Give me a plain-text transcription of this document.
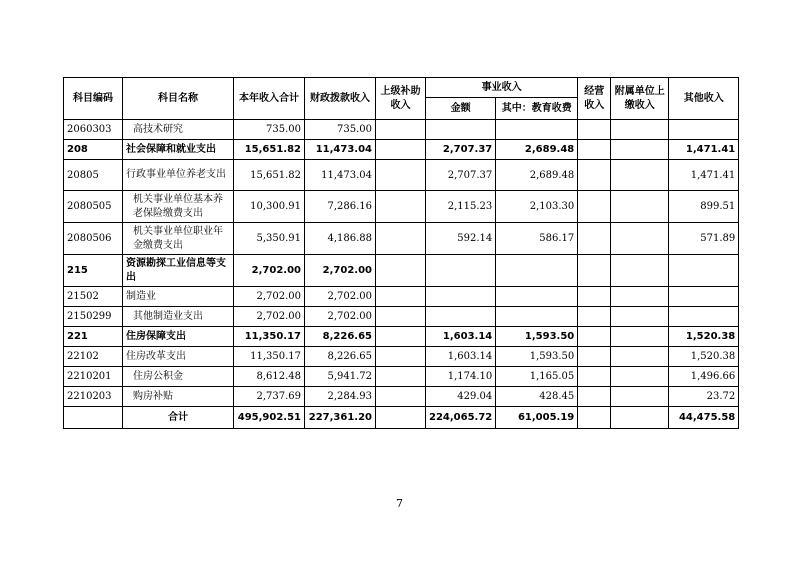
科目编码	科目名称	本年收入合计	财政拨款收入	上级补助收入	事业收入		经营收入	附属单位上缴收入	其他收入
					金额	其中：教育收费			
2060303	高技术研究	735.00	735.00						
208	社会保障和就业支出	15,651.82	11,473.04		2,707.37	2,689.48			1,471.41
20805	行政事业单位养老支出	15,651.82	11,473.04		2,707.37	2,689.48			1,471.41
2080505	机关事业单位基本养老保险缴费支出	10,300.91	7,286.16		2,115.23	2,103.30			899.51
2080506	机关事业单位职业年金缴费支出	5,350.91	4,186.88		592.14	586.17			571.89
215	资源勘探工业信息等支出	2,702.00	2,702.00						
21502	制造业	2,702.00	2,702.00						
2150299	其他制造业支出	2,702.00	2,702.00						
221	住房保障支出	11,350.17	8,226.65		1,603.14	1,593.50			1,520.38
22102	住房改革支出	11,350.17	8,226.65		1,603.14	1,593.50			1,520.38
2210201	住房公积金	8,612.48	5,941.72		1,174.10	1,165.05			1,496.66
2210203	购房补贴	2,737.69	2,284.93		429.04	428.45			23.72
	合计	495,902.51	227,361.20		224,065.72	61,005.19			44,475.58
7
